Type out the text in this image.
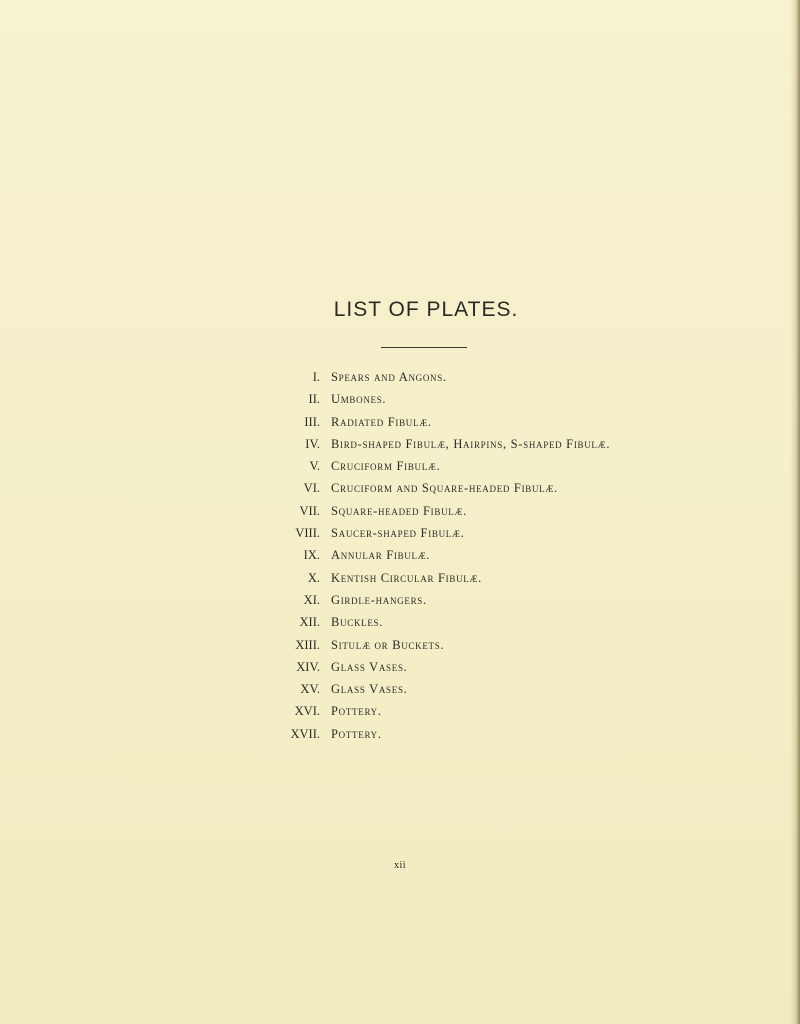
LIST OF PLATES.
I. Spears and Angons.
II. Umbones.
III. Radiated Fibulæ.
IV. Bird-shaped Fibulæ, Hairpins, S-shaped Fibulæ.
V. Cruciform Fibulæ.
VI. Cruciform and Square-headed Fibulæ.
VII. Square-headed Fibulæ.
VIII. Saucer-shaped Fibulæ.
IX. Annular Fibulæ.
X. Kentish Circular Fibulæ.
XI. Girdle-hangers.
XII. Buckles.
XIII. Situlæ or Buckets.
XIV. Glass Vases.
XV. Glass Vases.
XVI. Pottery.
XVII. Pottery.
xii
